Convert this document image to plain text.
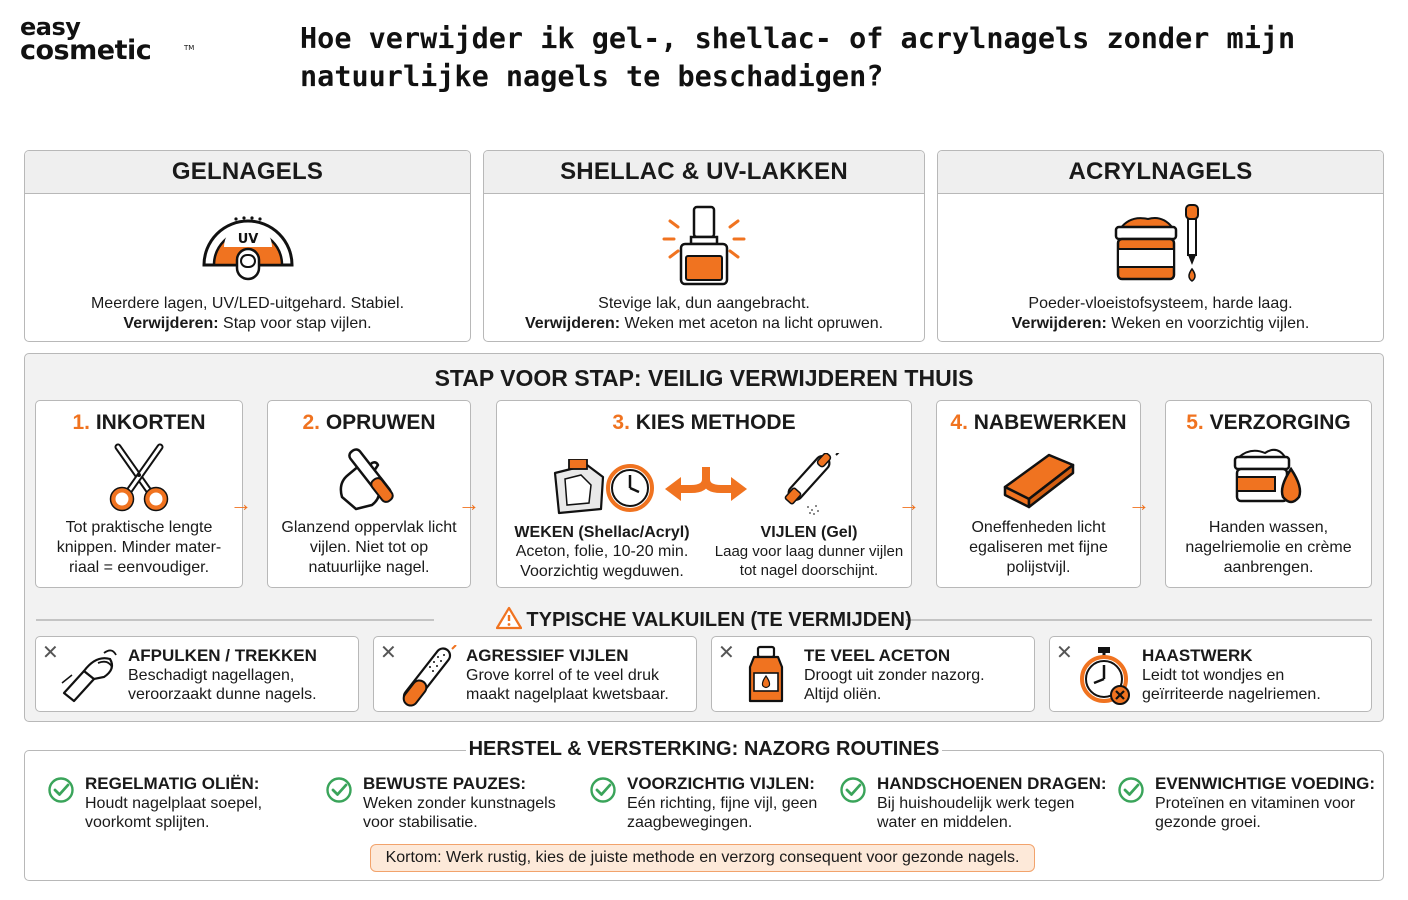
easy
cosmetic	TM	Hoe verwijder ik gel-, shellac- of acrylnagels zonder mijn natuurlijke nagels te beschadigen?
GELNAGELS
UV
Meerdere lagen, UV/LED-uitgehard. Stabiel.
Verwijderen: Stap voor stap vijlen.
SHELLAC & UV-LAKKEN
Stevige lak, dun aangebracht.
Verwijderen: Weken met aceton na licht opruwen.
ACRYLNAGELS
Poeder-vloeistofsysteem, harde laag.
Verwijderen: Weken en voorzichtig vijlen.
STAP VOOR STAP: VEILIG VERWIJDEREN THUIS
1. INKORTEN
Tot praktische lengte knippen. Minder mater-riaal = eenvoudiger.
→
2. OPRUWEN
Glanzend oppervlak licht vijlen. Niet tot op natuurlijke nagel.
→
3. KIES METHODE
WEKEN (Shellac/Acryl)
Aceton, folie, 10-20 min.
Voorzichtig wegduwen.
VIJLEN (Gel)
Laag voor laag dunner vijlen
tot nagel doorschijnt.
→
4. NABEWERKEN
Oneffenheden licht egaliseren met fijne polijstvijl.
→
5. VERZORGING
Handen wassen, nagelriemolie en crème aanbrengen.
TYPISCHE VALKUILEN (TE VERMIJDEN)
✕	AFPULKEN / TREKKEN
Beschadigt nagellagen,
veroorzaakt dunne nagels.
✕	AGRESSIEF VIJLEN
Grove korrel of te veel druk
maakt nagelplaat kwetsbaar.
✕	TE VEEL ACETON
Droogt uit zonder nazorg.
Altijd oliën.
✕	HAASTWERK
Leidt tot wondjes en
geïrriteerde nagelriemen.
HERSTEL & VERSTERKING: NAZORG ROUTINES
REGELMATIG OLIËN:
Houdt nagelplaat soepel,
voorkomt splijten.
BEWUSTE PAUZES:
Weken zonder kunstnagels
voor stabilisatie.
VOORZICHTIG VIJLEN:
Eén richting, fijne vijl, geen
zaagbewegingen.
HANDSCHOENEN DRAGEN:
Bij huishoudelijk werk tegen
water en middelen.
EVENWICHTIGE VOEDING:
Proteïnen en vitaminen voor
gezonde groei.
Kortom: Werk rustig, kies de juiste methode en verzorg consequent voor gezonde nagels.
